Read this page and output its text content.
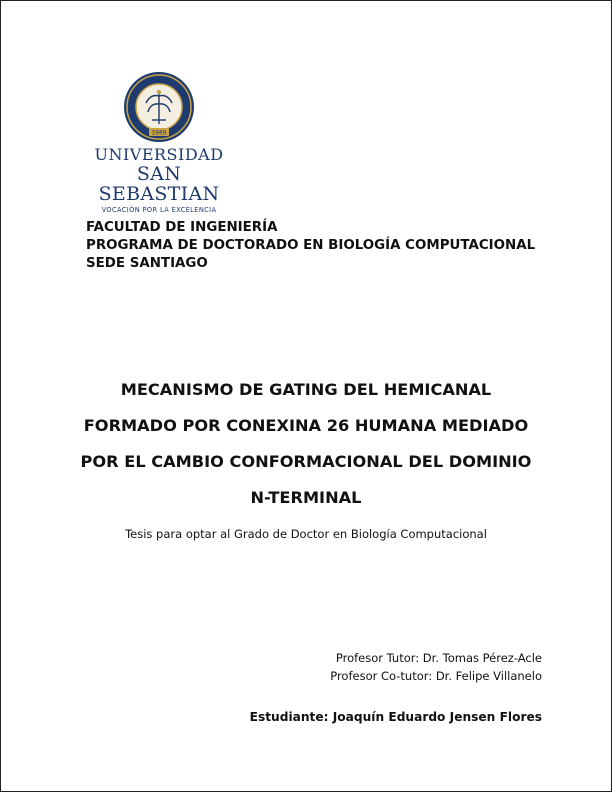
1989
UNIVERSIDAD
SAN SEBASTIAN
VOCACIÓN POR LA EXCELENCIA
FACULTAD DE INGENIERÍA
PROGRAMA DE DOCTORADO EN BIOLOGÍA COMPUTACIONAL
SEDE SANTIAGO
MECANISMO DE GATING DEL HEMICANAL
FORMADO POR CONEXINA 26 HUMANA MEDIADO
POR EL CAMBIO CONFORMACIONAL DEL DOMINIO
N-TERMINAL
Tesis para optar al Grado de Doctor en Biología Computacional
Profesor Tutor: Dr. Tomas Pérez-Acle
Profesor Co-tutor: Dr. Felipe Villanelo
Estudiante: Joaquín Eduardo Jensen Flores
